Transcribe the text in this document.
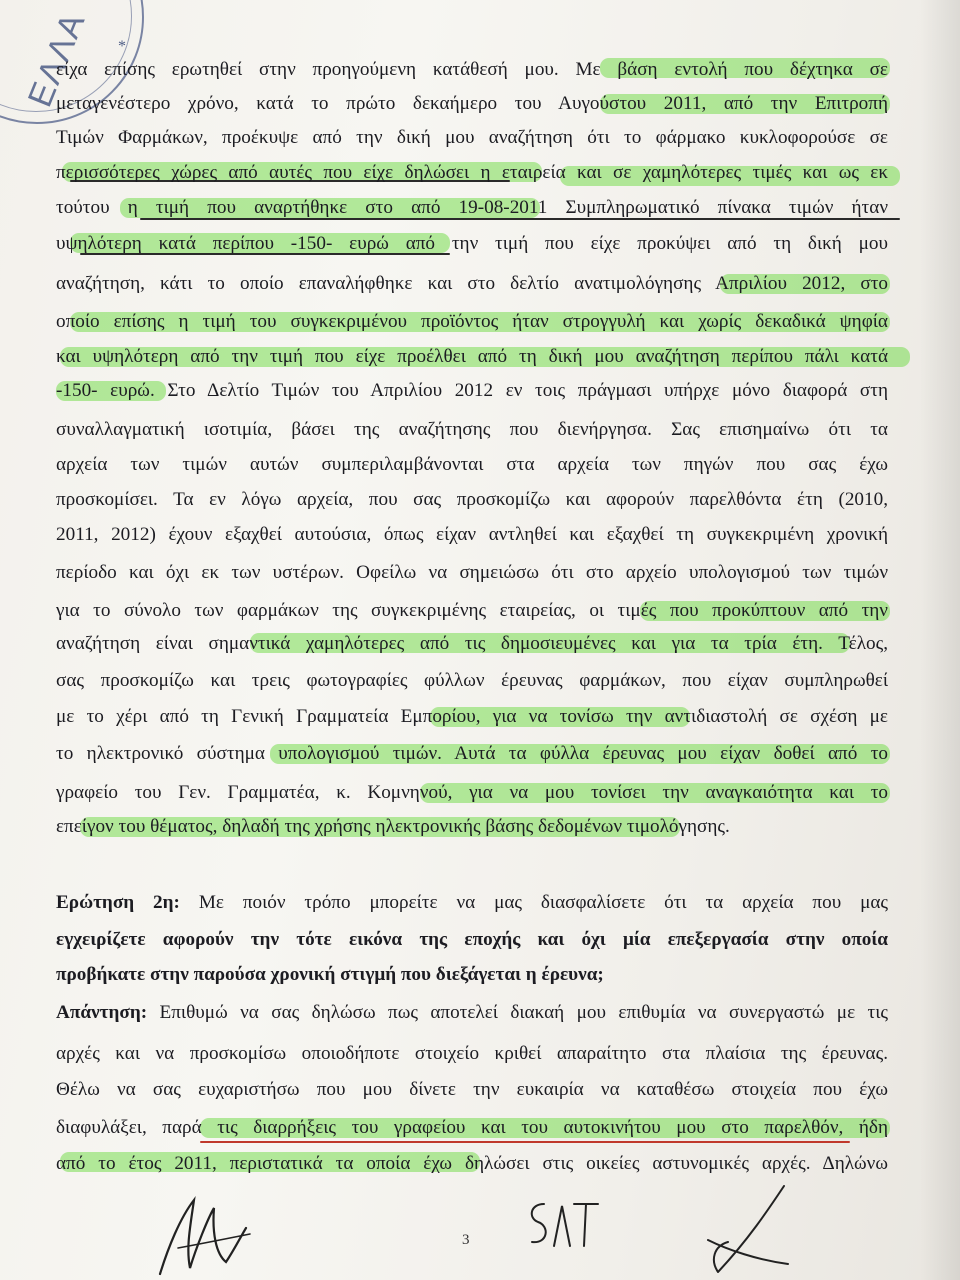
ΕΛΛΑ *
είχα επίσης ερωτηθεί στην προηγούμενη κατάθεσή μου. Με βάση εντολή που δέχτηκα σε
μεταγενέστερο χρόνο, κατά το πρώτο δεκαήμερο του Αυγούστου 2011, από την Επιτροπή
Τιμών Φαρμάκων, προέκυψε από την δική μου αναζήτηση ότι το φάρμακο κυκλοφορούσε σε
περισσότερες χώρες από αυτές που είχε δηλώσει η εταιρεία και σε χαμηλότερες τιμές και ως εκ
τούτου η τιμή που αναρτήθηκε στο από 19-08-2011 Συμπληρωματικό πίνακα τιμών ήταν
υψηλότερη κατά περίπου -150- ευρώ από την τιμή που είχε προκύψει από τη δική μου
αναζήτηση, κάτι το οποίο επαναλήφθηκε και στο δελτίο ανατιμολόγησης Απριλίου 2012, στο
οποίο επίσης η τιμή του συγκεκριμένου προϊόντος ήταν στρογγυλή και χωρίς δεκαδικά ψηφία
και υψηλότερη από την τιμή που είχε προέλθει από τη δική μου αναζήτηση περίπου πάλι κατά
-150- ευρώ. Στο Δελτίο Τιμών του Απριλίου 2012 εν τοις πράγμασι υπήρχε μόνο διαφορά στη
συναλλαγματική ισοτιμία, βάσει της αναζήτησης που διενήργησα. Σας επισημαίνω ότι τα
αρχεία των τιμών αυτών συμπεριλαμβάνονται στα αρχεία των πηγών που σας έχω
προσκομίσει. Τα εν λόγω αρχεία, που σας προσκομίζω και αφορούν παρελθόντα έτη (2010,
2011, 2012) έχουν εξαχθεί αυτούσια, όπως είχαν αντληθεί και εξαχθεί τη συγκεκριμένη χρονική
περίοδο και όχι εκ των υστέρων. Οφείλω να σημειώσω ότι στο αρχείο υπολογισμού των τιμών
για το σύνολο των φαρμάκων της συγκεκριμένης εταιρείας, οι τιμές που προκύπτουν από την
αναζήτηση είναι σημαντικά χαμηλότερες από τις δημοσιευμένες και για τα τρία έτη. Τέλος,
σας προσκομίζω και τρεις φωτογραφίες φύλλων έρευνας φαρμάκων, που είχαν συμπληρωθεί
με το χέρι από τη Γενική Γραμματεία Εμπορίου, για να τονίσω την αντιδιαστολή σε σχέση με
το ηλεκτρονικό σύστημα υπολογισμού τιμών. Αυτά τα φύλλα έρευνας μου είχαν δοθεί από το
γραφείο του Γεν. Γραμματέα, κ. Κομνηνού, για να μου τονίσει την αναγκαιότητα και το
επείγον του θέματος, δηλαδή της χρήσης ηλεκτρονικής βάσης δεδομένων τιμολόγησης.
Ερώτηση 2η: Με ποιόν τρόπο μπορείτε να μας διασφαλίσετε ότι τα αρχεία που μας
εγχειρίζετε αφορούν την τότε εικόνα της εποχής και όχι μία επεξεργασία στην οποία
προβήκατε στην παρούσα χρονική στιγμή που διεξάγεται η έρευνα;
Απάντηση: Επιθυμώ να σας δηλώσω πως αποτελεί διακαή μου επιθυμία να συνεργαστώ με τις
αρχές και να προσκομίσω οποιοδήποτε στοιχείο κριθεί απαραίτητο στα πλαίσια της έρευνας.
Θέλω να σας ευχαριστήσω που μου δίνετε την ευκαιρία να καταθέσω στοιχεία που έχω
διαφυλάξει, παρά τις διαρρήξεις του γραφείου και του αυτοκινήτου μου στο παρελθόν, ήδη
από το έτος 2011, περιστατικά τα οποία έχω δηλώσει στις οικείες αστυνομικές αρχές. Δηλώνω
3
